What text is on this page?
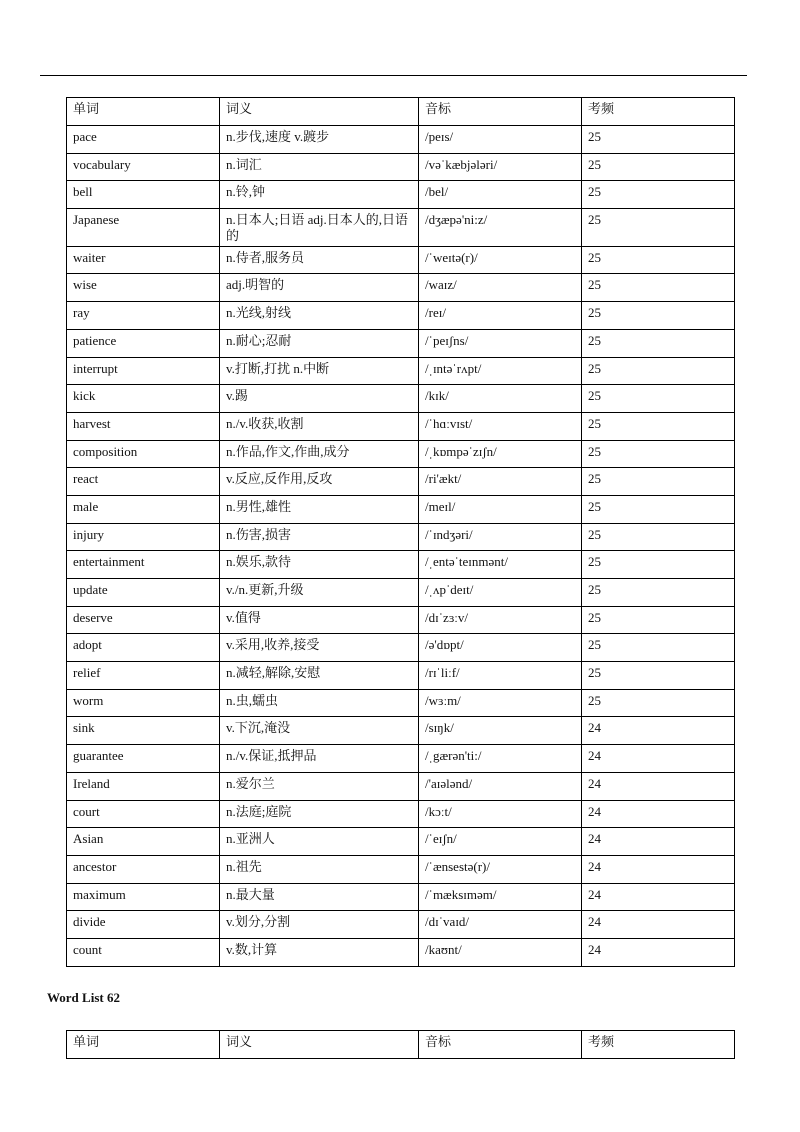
单词	词义	音标	考频
pace	n.步伐,速度 v.踱步	/peɪs/	25
vocabulary	n.词汇	/vəˈkæbjələri/	25
bell	n.铃,钟	/bel/	25
Japanese	n.日本人;日语 adj.日本人的,日语的	/dʒæpə'ni:z/	25
waiter	n.侍者,服务员	/ˈweɪtə(r)/	25
wise	adj.明智的	/waɪz/	25
ray	n.光线,射线	/reɪ/	25
patience	n.耐心;忍耐	/ˈpeɪʃns/	25
interrupt	v.打断,打扰 n.中断	/ˌɪntəˈrʌpt/	25
kick	v.踢	/kɪk/	25
harvest	n./v.收获,收割	/ˈhɑːvɪst/	25
composition	n.作品,作文,作曲,成分	/ˌkɒmpəˈzɪʃn/	25
react	v.反应,反作用,反攻	/ri'ækt/	25
male	n.男性,雄性	/meɪl/	25
injury	n.伤害,损害	/ˈɪndʒəri/	25
entertainment	n.娱乐,款待	/ˌentəˈteɪnmənt/	25
update	v./n.更新,升级	/ˌʌpˈdeɪt/	25
deserve	v.值得	/dɪˈzɜːv/	25
adopt	v.采用,收养,接受	/ə'dɒpt/	25
relief	n.减轻,解除,安慰	/rɪˈliːf/	25
worm	n.虫,蠕虫	/wɜːm/	25
sink	v.下沉,淹没	/sɪŋk/	24
guarantee	n./v.保证,抵押品	/ˌgærən'ti:/	24
Ireland	n.爱尔兰	/'aɪələnd/	24
court	n.法庭;庭院	/kɔːt/	24
Asian	n.亚洲人	/ˈeɪʃn/	24
ancestor	n.祖先	/ˈænsestə(r)/	24
maximum	n.最大量	/ˈmæksɪməm/	24
divide	v.划分,分割	/dɪˈvaɪd/	24
count	v.数,计算	/kaʊnt/	24

Word List 62

单词	词义	音标	考频
